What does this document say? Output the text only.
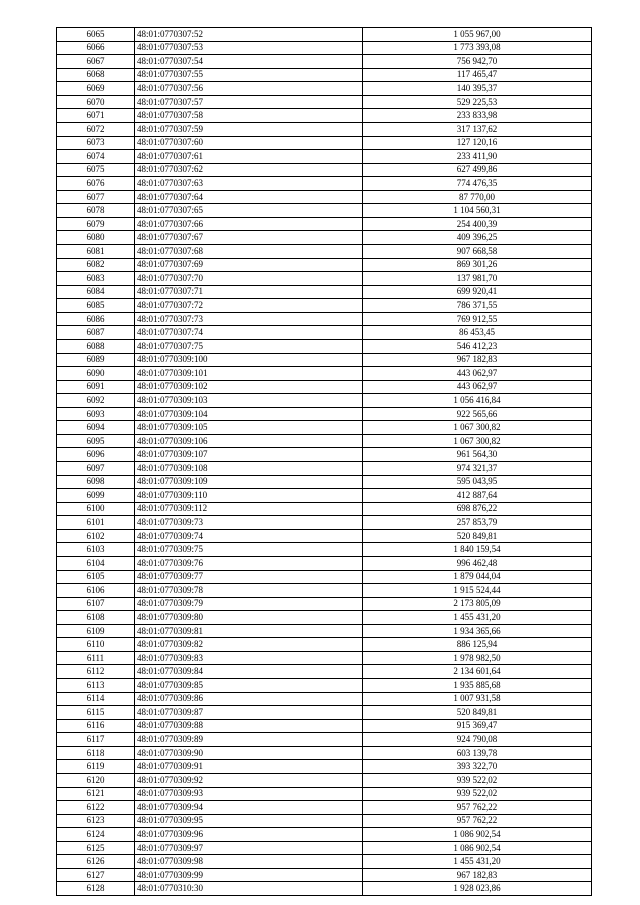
6065	48:01:0770307:52	1 055 967,00
6066	48:01:0770307:53	1 773 393,08
6067	48:01:0770307:54	756 942,70
6068	48:01:0770307:55	117 465,47
6069	48:01:0770307:56	140 395,37
6070	48:01:0770307:57	529 225,53
6071	48:01:0770307:58	233 833,98
6072	48:01:0770307:59	317 137,62
6073	48:01:0770307:60	127 120,16
6074	48:01:0770307:61	233 411,90
6075	48:01:0770307:62	627 499,86
6076	48:01:0770307:63	774 476,35
6077	48:01:0770307:64	87 770,00
6078	48:01:0770307:65	1 104 560,31
6079	48:01:0770307:66	254 400,39
6080	48:01:0770307:67	409 396,25
6081	48:01:0770307:68	907 668,58
6082	48:01:0770307:69	869 301,26
6083	48:01:0770307:70	137 981,70
6084	48:01:0770307:71	699 920,41
6085	48:01:0770307:72	786 371,55
6086	48:01:0770307:73	769 912,55
6087	48:01:0770307:74	86 453,45
6088	48:01:0770307:75	546 412,23
6089	48:01:0770309:100	967 182,83
6090	48:01:0770309:101	443 062,97
6091	48:01:0770309:102	443 062,97
6092	48:01:0770309:103	1 056 416,84
6093	48:01:0770309:104	922 565,66
6094	48:01:0770309:105	1 067 300,82
6095	48:01:0770309:106	1 067 300,82
6096	48:01:0770309:107	961 564,30
6097	48:01:0770309:108	974 321,37
6098	48:01:0770309:109	595 043,95
6099	48:01:0770309:110	412 887,64
6100	48:01:0770309:112	698 876,22
6101	48:01:0770309:73	257 853,79
6102	48:01:0770309:74	520 849,81
6103	48:01:0770309:75	1 840 159,54
6104	48:01:0770309:76	996 462,48
6105	48:01:0770309:77	1 879 044,04
6106	48:01:0770309:78	1 915 524,44
6107	48:01:0770309:79	2 173 805,09
6108	48:01:0770309:80	1 455 431,20
6109	48:01:0770309:81	1 934 365,66
6110	48:01:0770309:82	886 125,94
6111	48:01:0770309:83	1 978 982,50
6112	48:01:0770309:84	2 134 601,64
6113	48:01:0770309:85	1 935 885,68
6114	48:01:0770309:86	1 007 931,58
6115	48:01:0770309:87	520 849,81
6116	48:01:0770309:88	915 369,47
6117	48:01:0770309:89	924 790,08
6118	48:01:0770309:90	603 139,78
6119	48:01:0770309:91	393 322,70
6120	48:01:0770309:92	939 522,02
6121	48:01:0770309:93	939 522,02
6122	48:01:0770309:94	957 762,22
6123	48:01:0770309:95	957 762,22
6124	48:01:0770309:96	1 086 902,54
6125	48:01:0770309:97	1 086 902,54
6126	48:01:0770309:98	1 455 431,20
6127	48:01:0770309:99	967 182,83
6128	48:01:0770310:30	1 928 023,86
